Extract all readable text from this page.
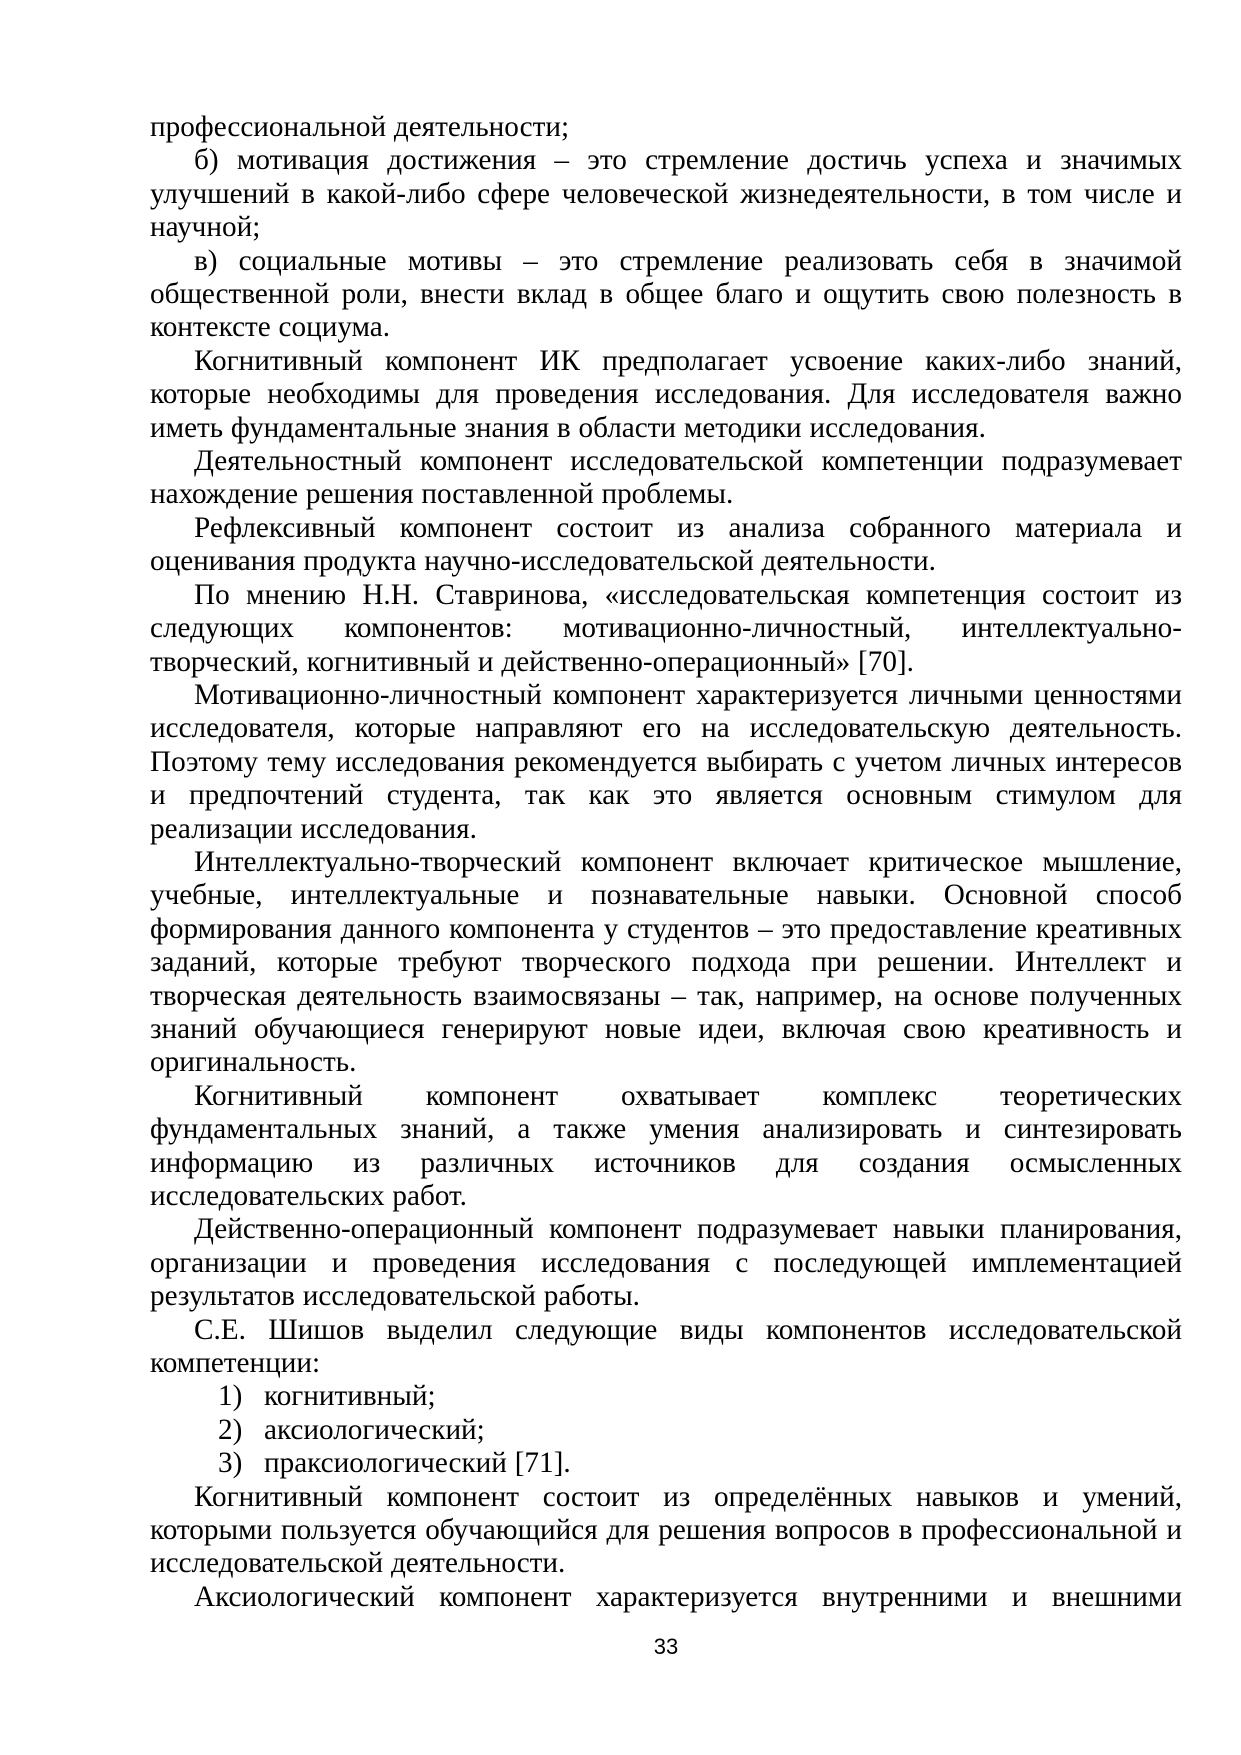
профессиональной деятельности;

б) мотивация достижения – это стремление достичь успеха и значимых улучшений в какой-либо сфере человеческой жизнедеятельности, в том числе и научной;

в) социальные мотивы – это стремление реализовать себя в значимой общественной роли, внести вклад в общее благо и ощутить свою полезность в контексте социума.

Когнитивный компонент ИК предполагает усвоение каких-либо знаний, которые необходимы для проведения исследования. Для исследователя важно иметь фундаментальные знания в области методики исследования.

Деятельностный компонент исследовательской компетенции подразумевает нахождение решения поставленной проблемы.

Рефлексивный компонент состоит из анализа собранного материала и оценивания продукта научно-исследовательской деятельности.

По мнению Н.Н. Ставринова, «исследовательская компетенция состоит из следующих компонентов: мотивационно-личностный, интеллектуально-творческий, когнитивный и действенно-операционный» [70].

Мотивационно-личностный компонент характеризуется личными ценностями исследователя, которые направляют его на исследовательскую деятельность. Поэтому тему исследования рекомендуется выбирать с учетом личных интересов и предпочтений студента, так как это является основным стимулом для реализации исследования.

Интеллектуально-творческий компонент включает критическое мышление, учебные, интеллектуальные и познавательные навыки. Основной способ формирования данного компонента у студентов – это предоставление креативных заданий, которые требуют творческого подхода при решении. Интеллект и творческая деятельность взаимосвязаны – так, например, на основе полученных знаний обучающиеся генерируют новые идеи, включая свою креативность и оригинальность.

Когнитивный компонент охватывает комплекс теоретических фундаментальных знаний, а также умения анализировать и синтезировать информацию из различных источников для создания осмысленных исследовательских работ.

Действенно-операционный компонент подразумевает навыки планирования, организации и проведения исследования с последующей имплементацией результатов исследовательской работы.

С.Е. Шишов выделил следующие виды компонентов исследовательской компетенции:

1) когнитивный;

2) аксиологический;

3) праксиологический [71].

Когнитивный компонент состоит из определённых навыков и умений, которыми пользуется обучающийся для решения вопросов в профессиональной и исследовательской деятельности.

Аксиологический компонент характеризуется внутренними и внешними

33
